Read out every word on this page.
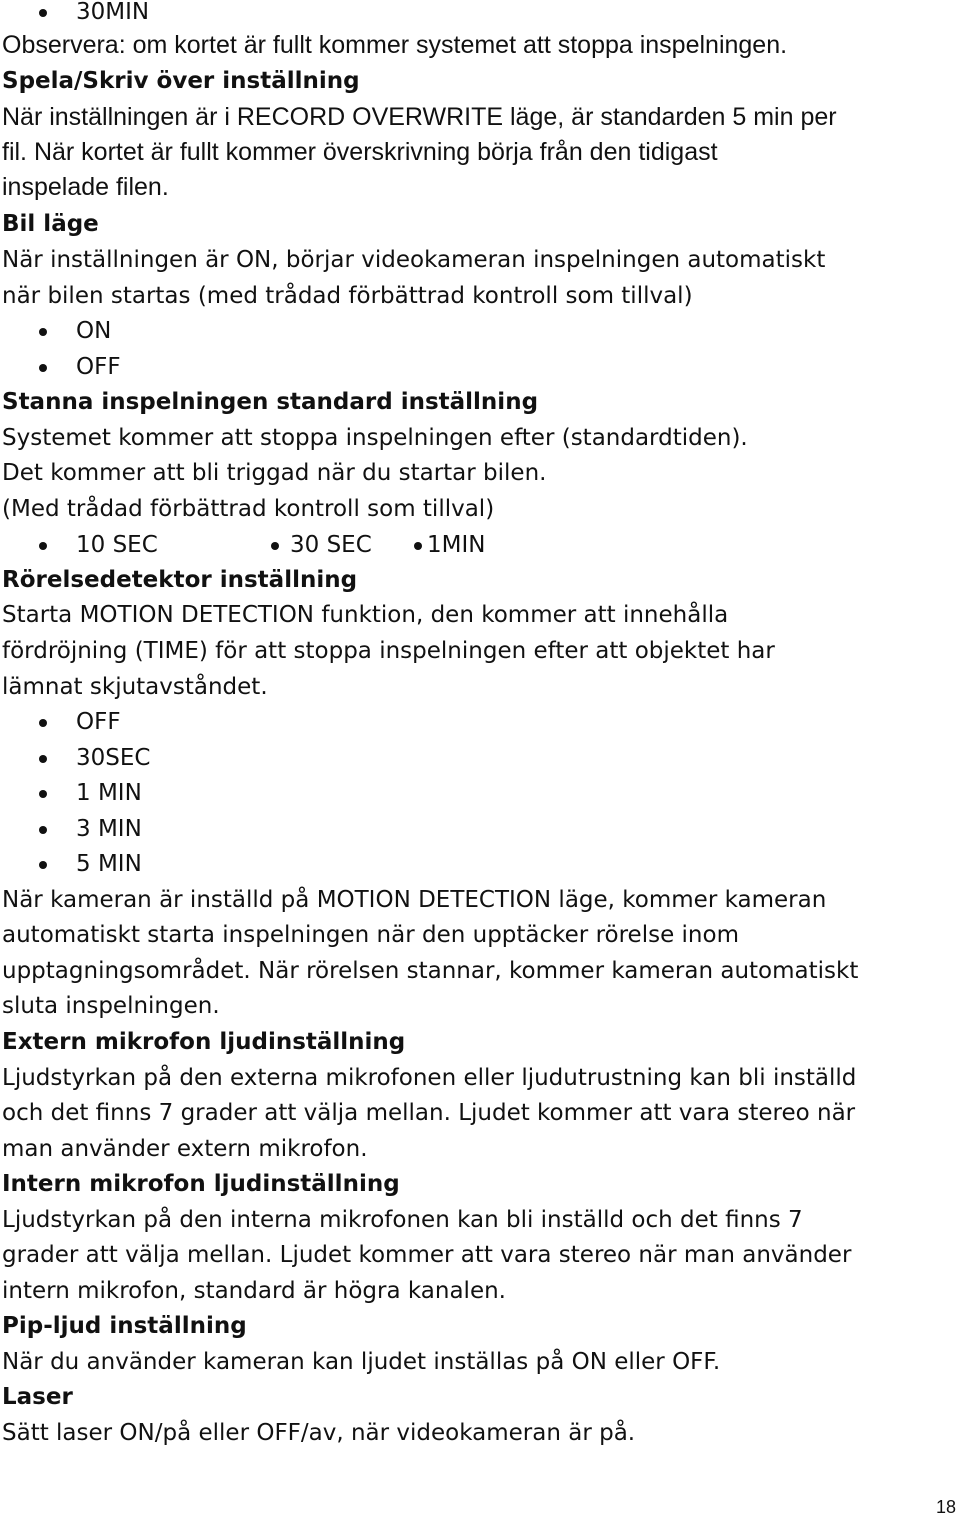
30MIN
Observera: om kortet är fullt kommer systemet att stoppa inspelningen.
Spela/Skriv över inställning
När inställningen är i RECORD OVERWRITE läge, är standarden 5 min per
fil. När kortet är fullt kommer överskrivning börja från den tidigast
inspelade filen.
Bil läge
När inställningen är ON, börjar videokameran inspelningen automatiskt
när bilen startas (med trådad förbättrad kontroll som tillval)
ON
OFF
Stanna inspelningen standard inställning
Systemet kommer att stoppa inspelningen efter (standardtiden).
Det kommer att bli triggad när du startar bilen.
(Med trådad förbättrad kontroll som tillval)
10 SEC	30 SEC 1MIN
Rörelsedetektor inställning
Starta MOTION DETECTION funktion, den kommer att innehålla
fördröjning (TIME) för att stoppa inspelningen efter att objektet har
lämnat skjutavståndet.
OFF
30SEC
1 MIN
3 MIN
5 MIN
När kameran är inställd på MOTION DETECTION läge, kommer kameran
automatiskt starta inspelningen när den upptäcker rörelse inom
upptagningsområdet. När rörelsen stannar, kommer kameran automatiskt
sluta inspelningen.
Extern mikrofon ljudinställning
Ljudstyrkan på den externa mikrofonen eller ljudutrustning kan bli inställd
och det finns 7 grader att välja mellan. Ljudet kommer att vara stereo när
man använder extern mikrofon.
Intern mikrofon ljudinställning
Ljudstyrkan på den interna mikrofonen kan bli inställd och det finns 7
grader att välja mellan. Ljudet kommer att vara stereo när man använder
intern mikrofon, standard är högra kanalen.
Pip-ljud inställning
När du använder kameran kan ljudet inställas på ON eller OFF.
Laser
Sätt laser ON/på eller OFF/av, när videokameran är på.
18
